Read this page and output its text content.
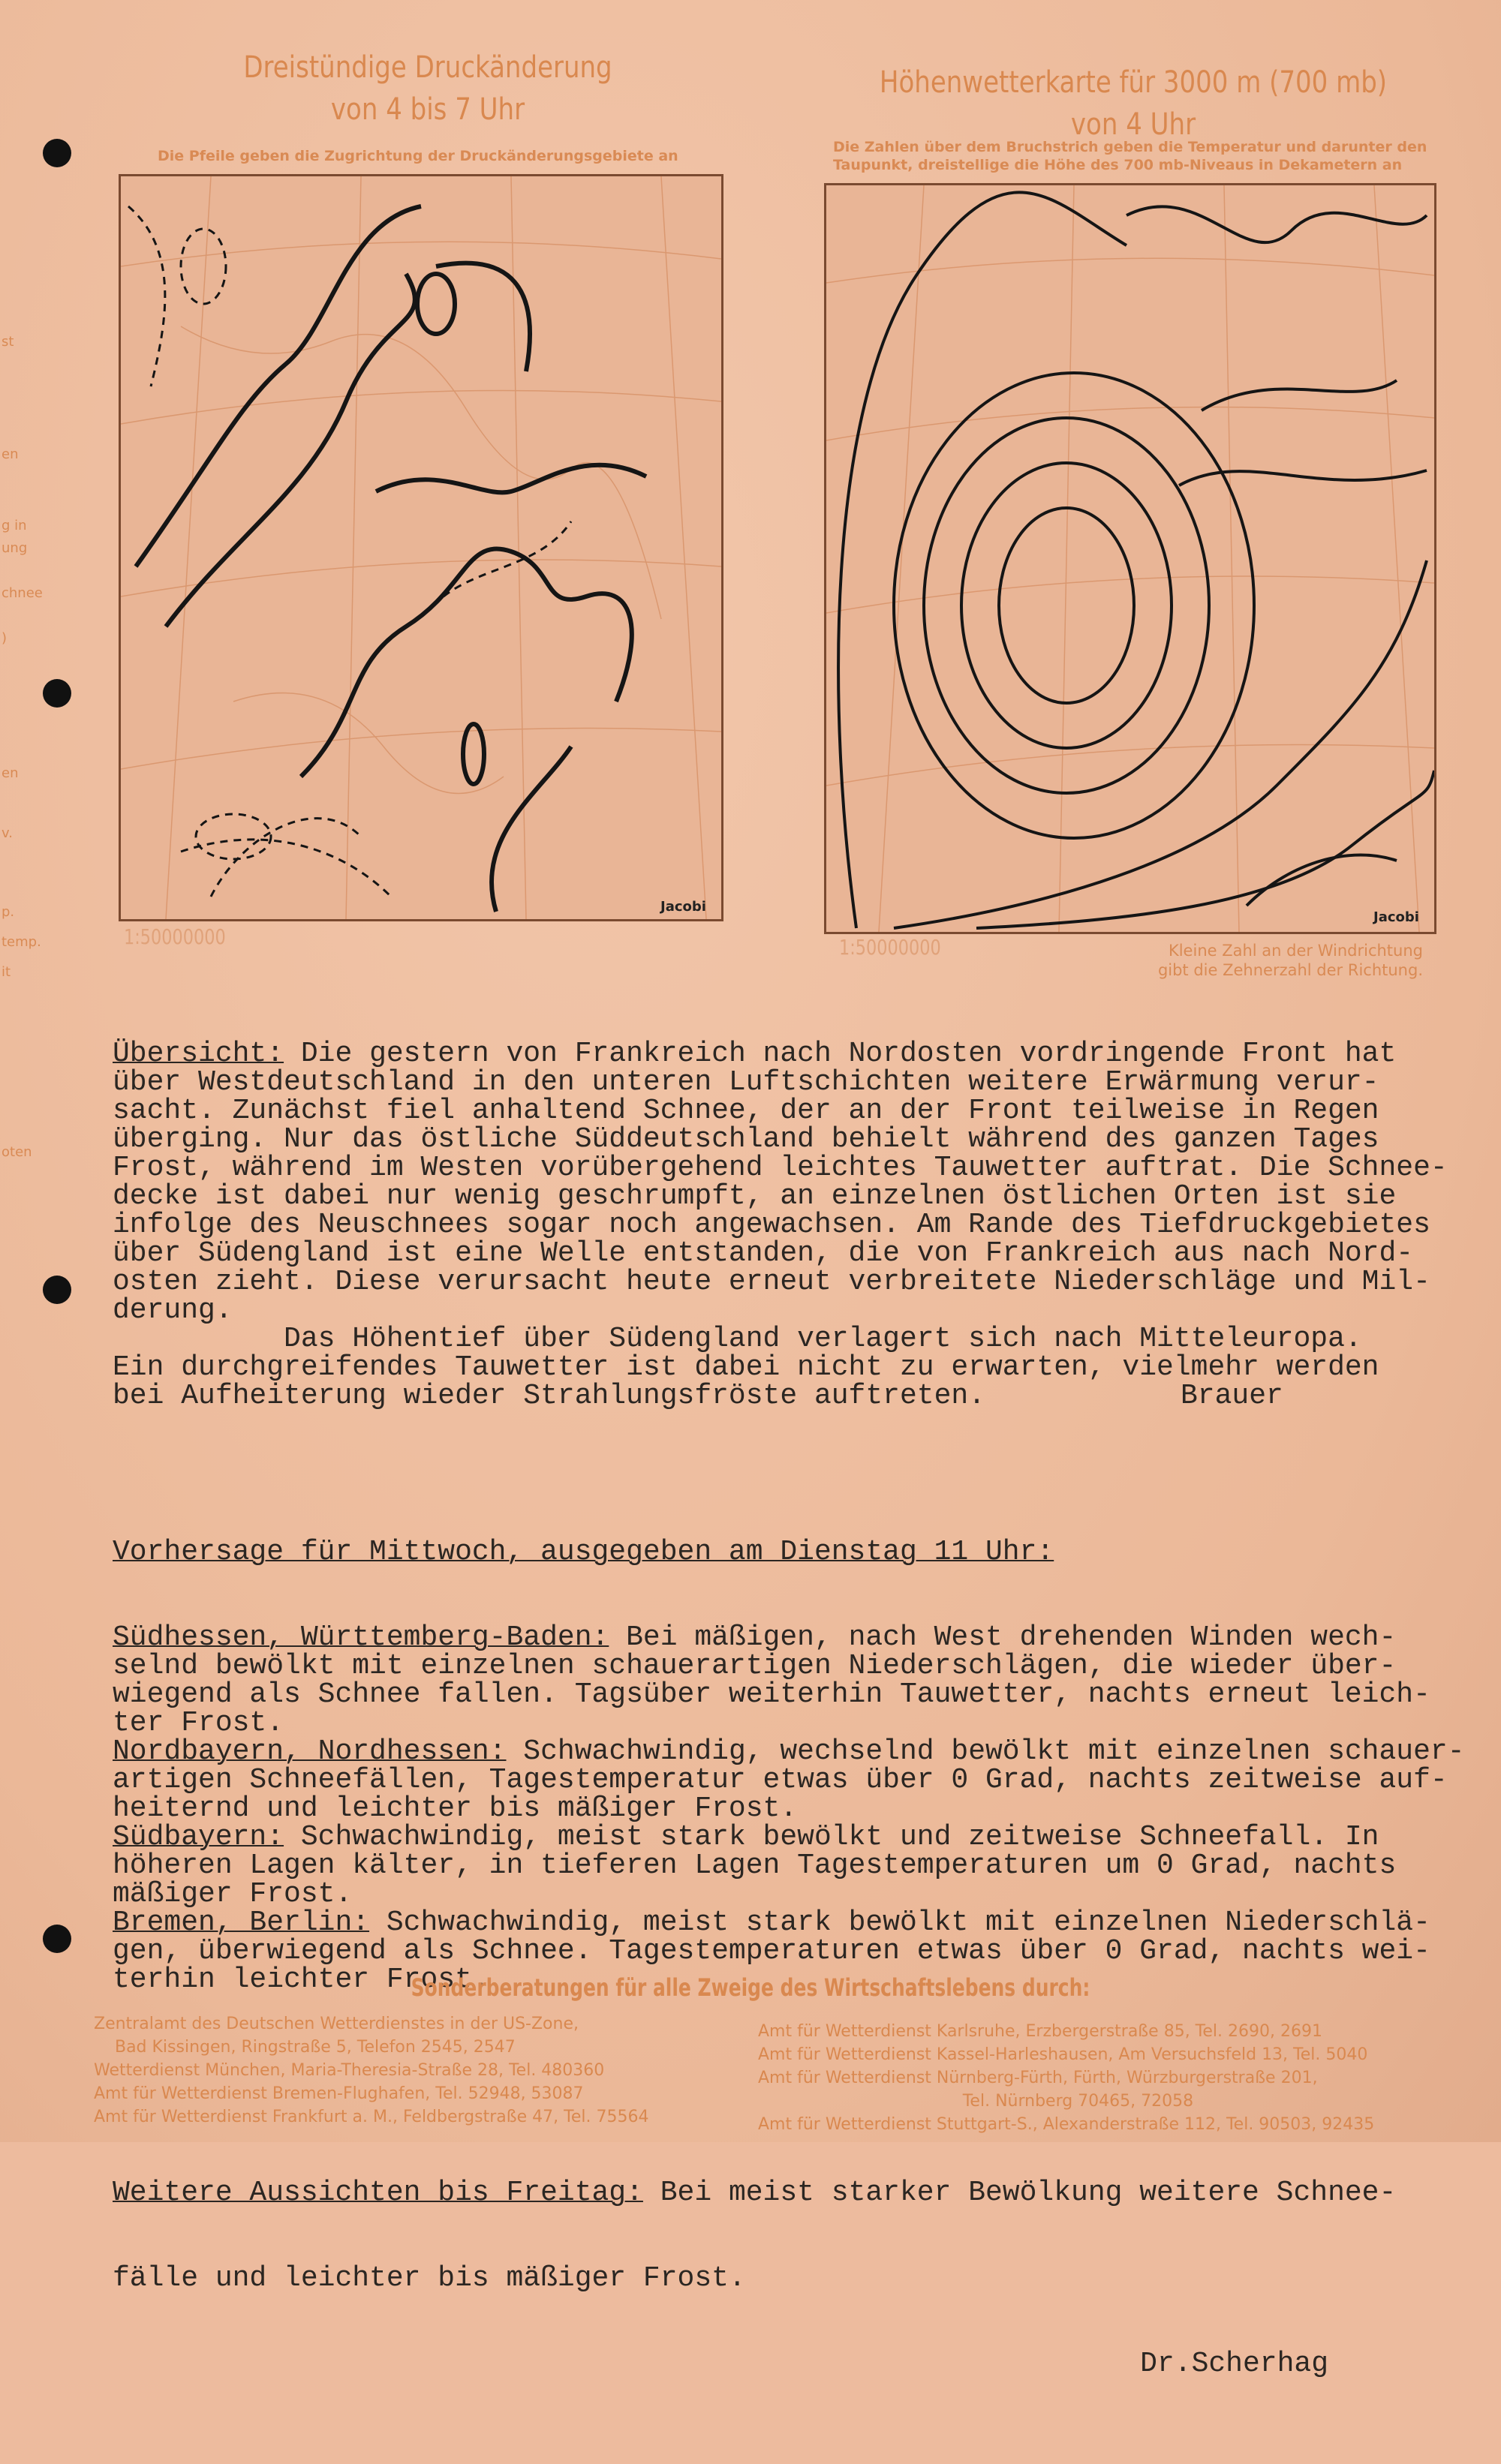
st
en
g in
ung
chnee
)
en
v.
p.
temp.
it
oten
Dreistündige Druckänderung
von 4 bis 7 Uhr
Die Pfeile geben die Zugrichtung der Druckänderungsgebiete an
Jacobi
1:50000000
Höhenwetterkarte für 3000 m (700 mb)
von 4 Uhr
Die Zahlen über dem Bruchstrich geben die Temperatur und darunter den
Taupunkt, dreistellige die Höhe des 700 mb-Niveaus in Dekametern an
Jacobi
1:50000000	Kleine Zahl an der Windrichtung
gibt die Zehnerzahl der Richtung.

Übersicht: Die gestern von Frankreich nach Nordosten vordringende Front hat
über Westdeutschland in den unteren Luftschichten weitere Erwärmung verur-
sacht. Zunächst fiel anhaltend Schnee, der an der Front teilweise in Regen
überging. Nur das östliche Süddeutschland behielt während des ganzen Tages
Frost, während im Westen vorübergehend leichtes Tauwetter auftrat. Die Schnee-
decke ist dabei nur wenig geschrumpft, an einzelnen östlichen Orten ist sie
infolge des Neuschnees sogar noch angewachsen. Am Rande des Tiefdruckgebietes
über Südengland ist eine Welle entstanden, die von Frankreich aus nach Nord-
osten zieht. Diese verursacht heute erneut verbreitete Niederschläge und Mil-
derung.
Das Höhentief über Südengland verlagert sich nach Mitteleuropa.
Ein durchgreifendes Tauwetter ist dabei nicht zu erwarten, vielmehr werden
bei Aufheiterung wieder Strahlungsfröste auftreten.	Brauer

Vorhersage für Mittwoch, ausgegeben am Dienstag 11 Uhr:

Südhessen, Württemberg-Baden: Bei mäßigen, nach West drehenden Winden wech-
selnd bewölkt mit einzelnen schauerartigen Niederschlägen, die wieder über-
wiegend als Schnee fallen. Tagsüber weiterhin Tauwetter, nachts erneut leich-
ter Frost.
Nordbayern, Nordhessen: Schwachwindig, wechselnd bewölkt mit einzelnen schauer-
artigen Schneefällen, Tagestemperatur etwas über 0 Grad, nachts zeitweise auf-
heiternd und leichter bis mäßiger Frost.
Südbayern: Schwachwindig, meist stark bewölkt und zeitweise Schneefall. In
höheren Lagen kälter, in tieferen Lagen Tagestemperaturen um 0 Grad, nachts
mäßiger Frost.
Bremen, Berlin: Schwachwindig, meist stark bewölkt mit einzelnen Niederschlä-
gen, überwiegend als Schnee. Tagestemperaturen etwas über 0 Grad, nachts wei-
terhin leichter Frost.

Weitere Aussichten bis Freitag: Bei meist starker Bewölkung weitere Schnee-

fälle und leichter bis mäßiger Frost.

Dr.Scherhag

Sonderberatungen für alle Zweige des Wirtschaftslebens durch:
Zentralamt des Deutschen Wetterdienstes in der US-Zone,
Bad Kissingen, Ringstraße 5, Telefon 2545, 2547
Wetterdienst München, Maria-Theresia-Straße 28, Tel. 480360
Amt für Wetterdienst Bremen-Flughafen, Tel. 52948, 53087
Amt für Wetterdienst Frankfurt a. M., Feldbergstraße 47, Tel. 75564
Amt für Wetterdienst Karlsruhe, Erzbergerstraße 85, Tel. 2690, 2691
Amt für Wetterdienst Kassel-Harleshausen, Am Versuchsfeld 13, Tel. 5040
Amt für Wetterdienst Nürnberg-Fürth, Fürth, Würzburgerstraße 201,
Tel. Nürnberg 70465, 72058
Amt für Wetterdienst Stuttgart-S., Alexanderstraße 112, Tel. 90503, 92435
